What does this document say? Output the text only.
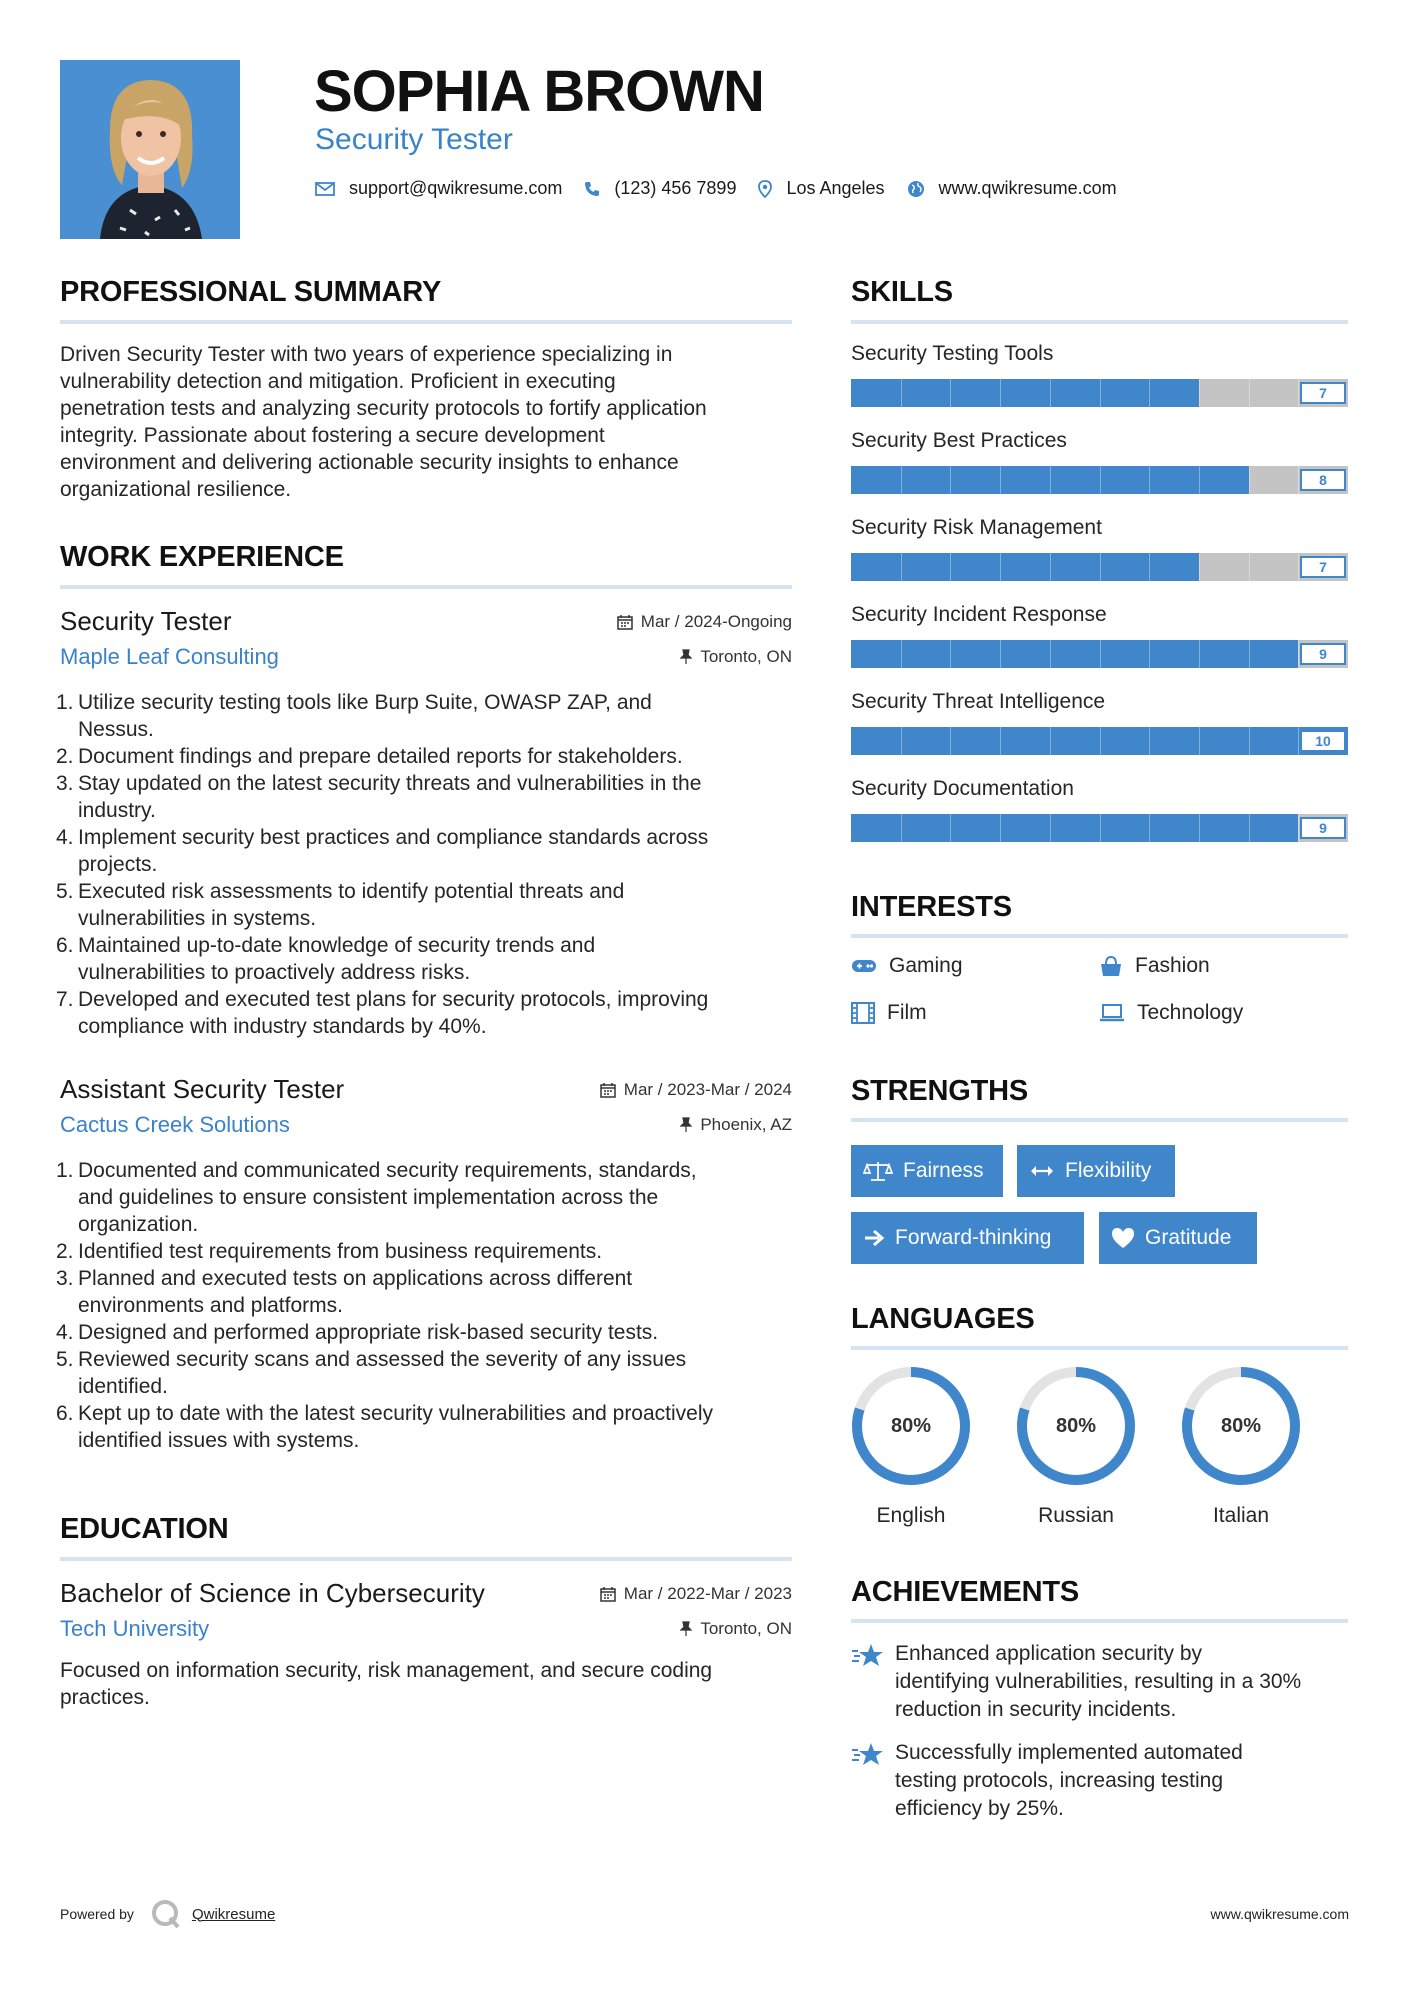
SOPHIA BROWN
Security Tester
support@qwikresume.com	(123) 456 7899	Los Angeles	www.qwikresume.com
PROFESSIONAL SUMMARY
Driven Security Tester with two years of experience specializing in
vulnerability detection and mitigation. Proficient in executing
penetration tests and analyzing security protocols to fortify application
integrity. Passionate about fostering a secure development
environment and delivering actionable security insights to enhance
organizational resilience.
WORK EXPERIENCE
Security Tester
Maple Leaf Consulting
Mar / 2024-Ongoing
Toronto, ON
1. Utilize security testing tools like Burp Suite, OWASP ZAP, and
Nessus.
2. Document findings and prepare detailed reports for stakeholders.
3. Stay updated on the latest security threats and vulnerabilities in the
industry.
4. Implement security best practices and compliance standards across
projects.
5. Executed risk assessments to identify potential threats and
vulnerabilities in systems.
6. Maintained up-to-date knowledge of security trends and
vulnerabilities to proactively address risks.
7. Developed and executed test plans for security protocols, improving
compliance with industry standards by 40%.
Assistant Security Tester
Cactus Creek Solutions
Mar / 2023-Mar / 2024
Phoenix, AZ
1. Documented and communicated security requirements, standards,
and guidelines to ensure consistent implementation across the
organization.
2. Identified test requirements from business requirements.
3. Planned and executed tests on applications across different
environments and platforms.
4. Designed and performed appropriate risk-based security tests.
5. Reviewed security scans and assessed the severity of any issues
identified.
6. Kept up to date with the latest security vulnerabilities and proactively
identified issues with systems.
EDUCATION
Bachelor of Science in Cybersecurity
Tech University
Mar / 2022-Mar / 2023
Toronto, ON
Focused on information security, risk management, and secure coding
practices.
SKILLS
Security Testing Tools
7
Security Best Practices
8
Security Risk Management
7
Security Incident Response
9
Security Threat Intelligence
10
Security Documentation
9
INTERESTS
Gaming	Fashion
Film	Technology
STRENGTHS
Fairness	Flexibility
Forward-thinking	Gratitude
LANGUAGES
80%
English
80%
Russian
80%
Italian
ACHIEVEMENTS
Enhanced application security by
identifying vulnerabilities, resulting in a 30%
reduction in security incidents.
Successfully implemented automated
testing protocols, increasing testing
efficiency by 25%.
Powered by	Qwikresume	www.qwikresume.com
